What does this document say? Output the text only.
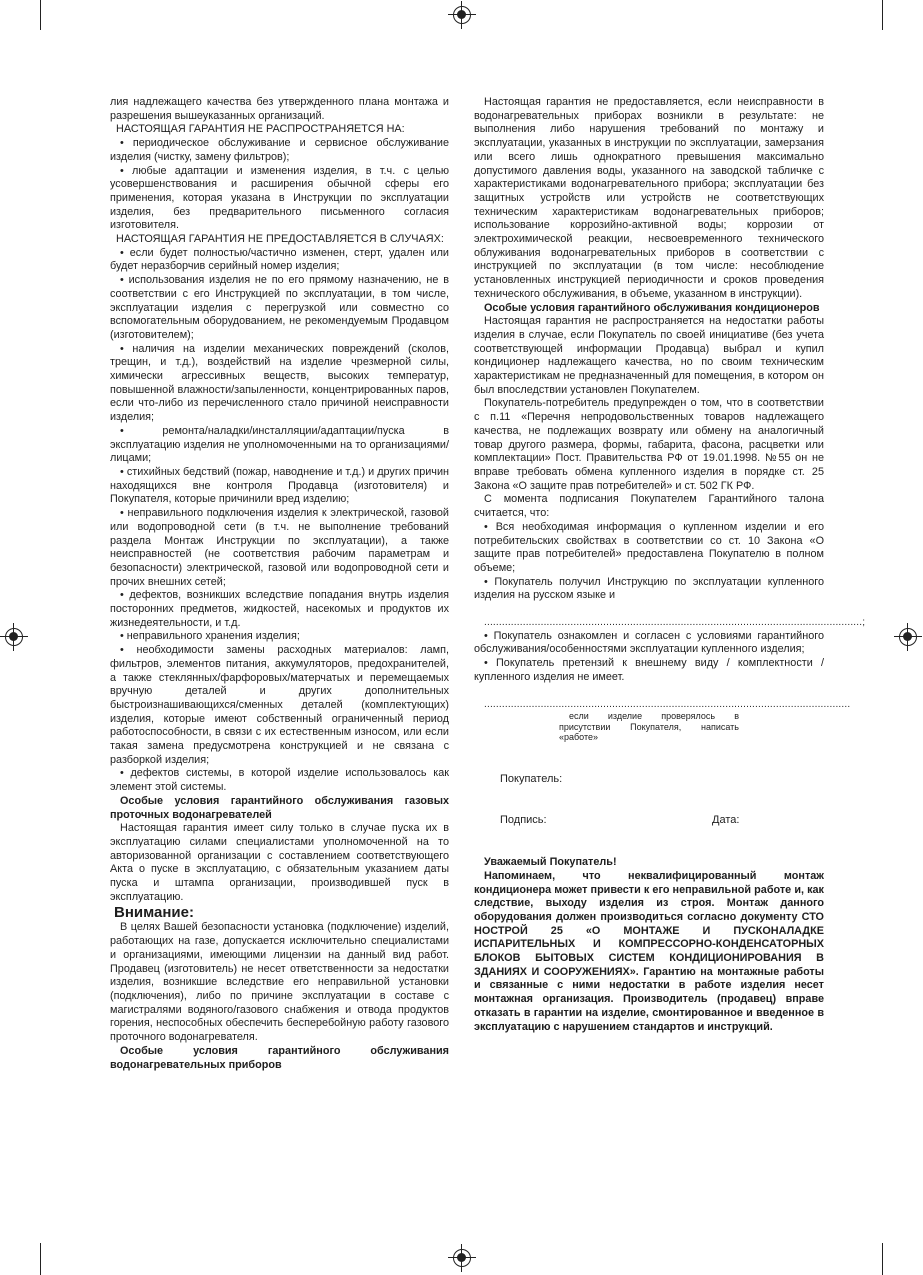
лия надлежащего качества без утвержденного плана монтажа и разрешения вышеуказанных организаций.

НАСТОЯЩАЯ ГАРАНТИЯ НЕ РАСПРОСТРАНЯЕТСЯ НА:

• периодическое обслуживание и сервисное обслуживание изделия (чистку, замену фильтров);

• любые адаптации и изменения изделия, в т.ч. с целью усовершенствования и расширения обычной сферы его применения, которая указана в Инструкции по эксплуатации изделия, без предварительного письменного согласия изготовителя.

НАСТОЯЩАЯ ГАРАНТИЯ НЕ ПРЕДОСТАВЛЯЕТСЯ В СЛУЧАЯХ:

• если будет полностью/частично изменен, стерт, удален или будет неразборчив серийный номер изделия;

• использования изделия не по его прямому назначению, не в соответствии с его Инструкцией по эксплуатации, в том числе, эксплуатации изделия с перегрузкой или совместно со вспомогательным оборудованием, не рекомендуемым Продавцом (изготовителем);

• наличия на изделии механических повреждений (сколов, трещин, и т.д.), воздействий на изделие чрезмерной силы, химически агрессивных веществ, высоких температур, повышенной влажности/запыленности, концентрированных паров, если что-либо из перечисленного стало причиной неисправности изделия;

• ремонта/наладки/инсталляции/адаптации/пуска в эксплуатацию изделия не уполномоченными на то организациями/лицами;

• стихийных бедствий (пожар, наводнение и т.д.) и других причин находящихся вне контроля Продавца (изготовителя) и Покупателя, которые причинили вред изделию;

• неправильного подключения изделия к электрической, газовой или водопроводной сети (в т.ч. не выполнение требований раздела Монтаж Инструкции по эксплуатации), а также неисправностей (не соответствия рабочим параметрам и безопасности) электрической, газовой или водопроводной сети и прочих внешних сетей;

• дефектов, возникших вследствие попадания внутрь изделия посторонних предметов, жидкостей, насекомых и продуктов их жизнедеятельности, и т.д.

• неправильного хранения изделия;

• необходимости замены расходных материалов: ламп, фильтров, элементов питания, аккумуляторов, предохранителей, а также стеклянных/фарфоровых/матерчатых и перемещаемых вручную деталей и других дополнительных быстроизнашивающихся/сменных деталей (комплектующих) изделия, которые имеют собственный ограниченный период работоспособности, в связи с их естественным износом, или если такая замена предусмотрена конструкцией и не связана с разборкой изделия;

• дефектов системы, в которой изделие использовалось как элемент этой системы.

Особые условия гарантийного обслуживания газовых проточных водонагревателей

Настоящая гарантия имеет силу только в случае пуска их в эксплуатацию силами специалистами уполномоченной на то авторизованной организации с составлением соответствующего Акта о пуске в эксплуатацию, с обязательным указанием даты пуска и штампа организации, производившей пуск в эксплуатацию.

Внимание:

В целях Вашей безопасности установка (подключение) изделий, работающих на газе, допускается исключительно специалистами и организациями, имеющими лицензии на данный вид работ. Продавец (изготовитель) не несет ответственности за недостатки изделия, возникшие вследствие его неправильной установки (подключения), либо по причине эксплуатации в составе с магистралями водяного/газового снабжения и отвода продуктов горения, неспособных обеспечить бесперебойную работу газового проточного водонагревателя.

Особые условия гарантийного обслуживания водонагревательных приборов

Настоящая гарантия не предоставляется, если неисправности в водонагревательных приборах возникли в результате: не выполнения либо нарушения требований по монтажу и эксплуатации, указанных в инструкции по эксплуатации, замерзания или всего лишь однократного превышения максимально допустимого давления воды, указанного на заводской табличке с характеристиками водонагревательного прибора; эксплуатации без защитных устройств или устройств не соответствующих техническим характеристикам водонагревательных приборов; использование коррозийно-активной воды; коррозии от электрохимической реакции, несвоевременного технического облуживания водонагревательных приборов в соответствии с инструкцией по эксплуатации (в том числе: несоблюдение установленных инструкцией периодичности и сроков проведения технического обслуживания, в объеме, указанном в инструкции).

Особые условия гарантийного обслуживания кондиционеров

Настоящая гарантия не распространяется на недостатки работы изделия в случае, если Покупатель по своей инициативе (без учета соответствующей информации Продавца) выбрал и купил кондиционер надлежащего качества, но по своим техническим характеристикам не предназначенный для помещения, в котором он был впоследствии установлен Покупателем.

Покупатель-потребитель предупрежден о том, что в соответствии с п.11 «Перечня непродовольственных товаров надлежащего качества, не подлежащих возврату или обмену на аналогичный товар другого размера, формы, габарита, фасона, расцветки или комплектации» Пост. Правительства РФ от 19.01.1998. №55 он не вправе требовать обмена купленного изделия в порядке ст. 25 Закона «О защите прав потребителей» и ст. 502 ГК РФ.

С момента подписания Покупателем Гарантийного талона считается, что:

• Вся необходимая информация о купленном изделии и его потребительских свойствах в соответствии со ст. 10 Закона «О защите прав потребителей» предоставлена Покупателю в полном объеме;

• Покупатель получил Инструкцию по эксплуатации купленного изделия на русском языке и

...............................................................................................................................;

• Покупатель ознакомлен и согласен с условиями гарантийного обслуживания/особенностями эксплуатации купленного изделия;

• Покупатель претензий к внешнему виду / комплектности / купленного изделия не имеет.

...........................................................................................................................

если изделие проверялось в присутствии Покупателя, написать «работе»

Покупатель:

Подпись:	Дата:

Уважаемый Покупатель!

Напоминаем, что неквалифицированный монтаж кондиционера может привести к его неправильной работе и, как следствие, выходу изделия из строя. Монтаж данного оборудования должен производиться согласно документу СТО НОСТРОЙ 25 «О МОНТАЖЕ И ПУСКОНАЛАДКЕ ИСПАРИТЕЛЬНЫХ И КОМПРЕССОРНО-КОНДЕНСАТОРНЫХ БЛОКОВ БЫТОВЫХ СИСТЕМ КОНДИЦИОНИРОВАНИЯ В ЗДАНИЯХ И СООРУЖЕНИЯХ». Гарантию на монтажные работы и связанные с ними недостатки в работе изделия несет монтажная организация. Производитель (продавец) вправе отказать в гарантии на изделие, смонтированное и введенное в эксплуатацию с нарушением стандартов и инструкций.
